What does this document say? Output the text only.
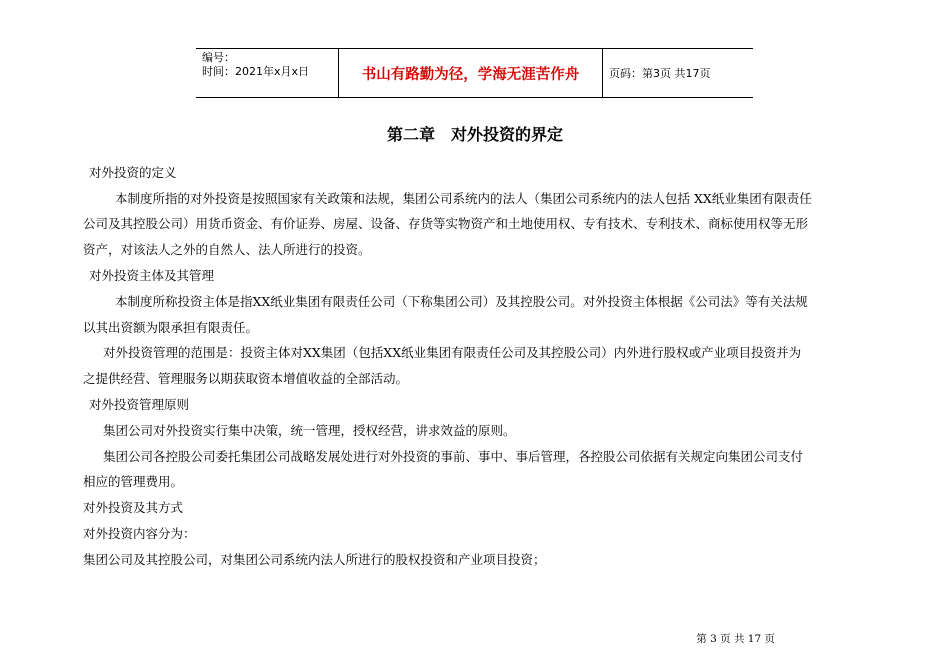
编号：
时间：2021年x月x日	书山有路勤为径，学海无涯苦作舟	页码：第3页 共17页
第二章　对外投资的界定
对外投资的定义
本制度所指的对外投资是按照国家有关政策和法规，集团公司系统内的法人（集团公司系统内的法人包括 XX纸业集团有限责任
公司及其控股公司）用货币资金、有价证券、房屋、设备、存货等实物资产和土地使用权、专有技术、专利技术、商标使用权等无形
资产，对该法人之外的自然人、法人所进行的投资。
对外投资主体及其管理
本制度所称投资主体是指XX纸业集团有限责任公司（下称集团公司）及其控股公司。对外投资主体根据《公司法》等有关法规
以其出资额为限承担有限责任。
对外投资管理的范围是：投资主体对XX集团（包括XX纸业集团有限责任公司及其控股公司）内外进行股权或产业项目投资并为
之提供经营、管理服务以期获取资本增值收益的全部活动。
对外投资管理原则
集团公司对外投资实行集中决策，统一管理，授权经营，讲求效益的原则。
集团公司各控股公司委托集团公司战略发展处进行对外投资的事前、事中、事后管理，各控股公司依据有关规定向集团公司支付
相应的管理费用。
对外投资及其方式
对外投资内容分为：
集团公司及其控股公司，对集团公司系统内法人所进行的股权投资和产业项目投资；
第 3 页 共 17 页
